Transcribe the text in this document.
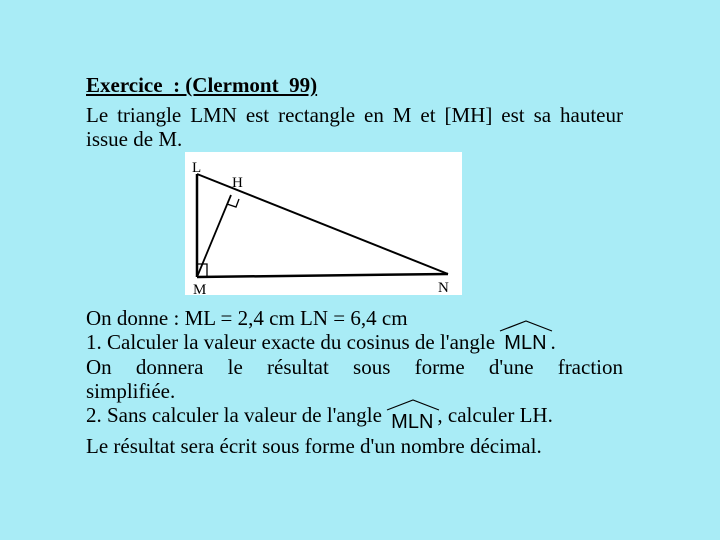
Exercice  : (Clermont  99)
Le triangle LMN est rectangle en M et [MH] est sa hauteur issue de M.
L
H
M	N

On donne : ML = 2,4 cm LN = 6,4 cm

1. Calculer la valeur exacte du cosinus de l'angle MLN .

On donnera le résultat sous forme d'une fraction

simplifiée.

2. Sans calculer la valeur de l'angle MLN , calculer LH.

Le résultat sera écrit sous forme d'un nombre décimal.
